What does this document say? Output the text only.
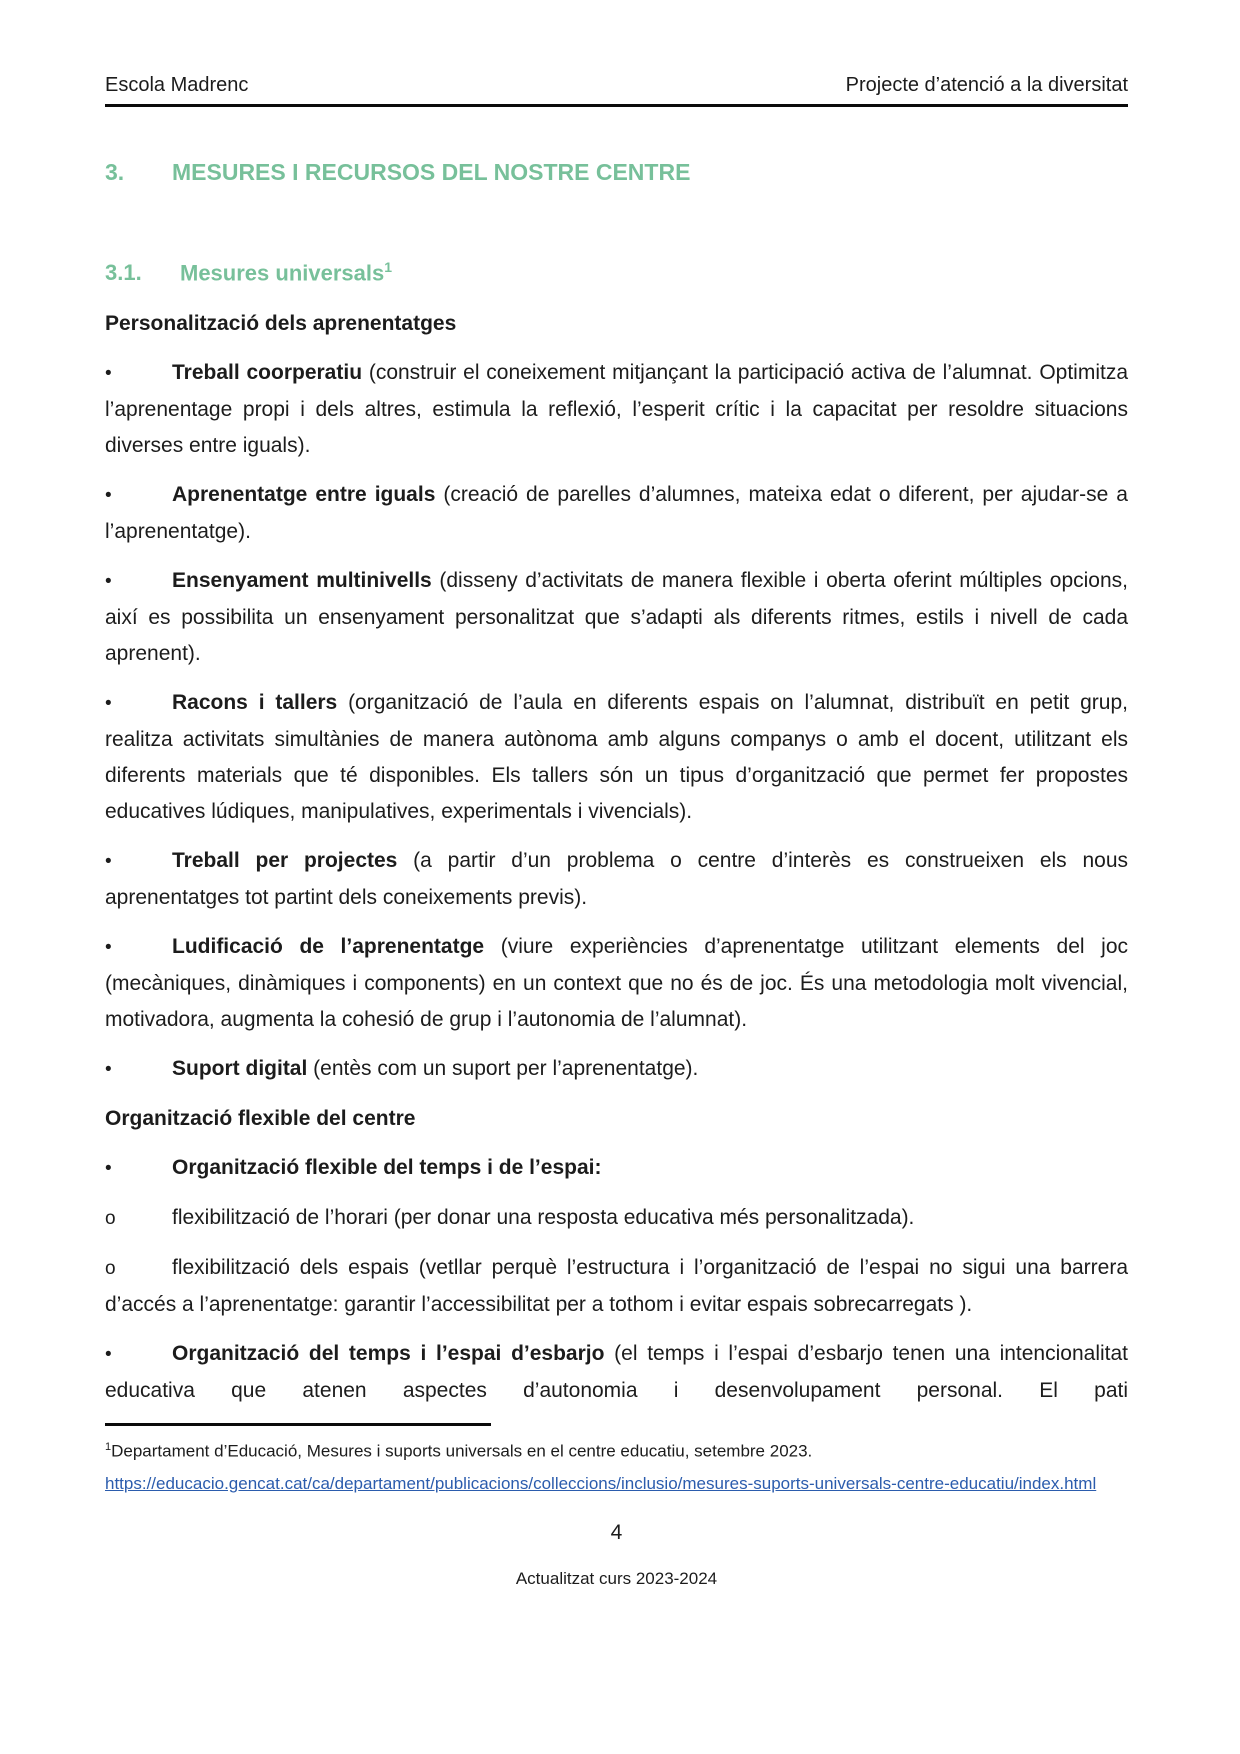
Escola Madrenc	Projecte d’atenció a la diversitat
3. MESURES I RECURSOS DEL NOSTRE CENTRE
3.1. Mesures universals$^1$

Personalització dels aprenentatges

•	Treball coorperatiu (construir el coneixement mitjançant la participació activa de l’alumnat. Optimitza l’aprenentage propi i dels altres, estimula la reflexió, l’esperit crític i la capacitat per resoldre situacions diverses entre iguals).

•	Aprenentatge entre iguals (creació de parelles d’alumnes, mateixa edat o diferent, per ajudar-se a l’aprenentatge).

•	Ensenyament multinivells (disseny d’activitats de manera flexible i oberta oferint múltiples opcions, així es possibilita un ensenyament personalitzat que s’adapti als diferents ritmes, estils i nivell de cada aprenent).

•	Racons i tallers (organització de l’aula en diferents espais on l’alumnat, distribuït en petit grup, realitza activitats simultànies de manera autònoma amb alguns companys o amb el docent, utilitzant els diferents materials que té disponibles. Els tallers són un tipus d’organització que permet fer propostes educatives lúdiques, manipulatives, experimentals i vivencials).

•	Treball per projectes (a partir d’un problema o centre d’interès es construeixen els nous aprenentatges tot partint dels coneixements previs).

•	Ludificació de l’aprenentatge (viure experiències d’aprenentatge utilitzant elements del joc (mecàniques, dinàmiques i components) en un context que no és de joc. És una metodologia molt vivencial, motivadora, augmenta la cohesió de grup i l’autonomia de l’alumnat).

•	Suport digital (entès com un suport per l’aprenentatge).

Organització flexible del centre

•	Organització flexible del temps i de l’espai:

o	flexibilització de l’horari (per donar una resposta educativa més personalitzada).

o	flexibilització dels espais (vetllar perquè l’estructura i l’organització de l’espai no sigui una barrera d’accés a l’aprenentatge: garantir l’accessibilitat per a tothom i evitar espais sobrecarregats ).

•	Organització del temps i l’espai d’esbarjo (el temps i l’espai d’esbarjo tenen una intencionalitat educativa que atenen aspectes d’autonomia i desenvolupament personal. El pati

$^1$Departament d’Educació, Mesures i suports universals en el centre educatiu, setembre 2023.
https://educacio.gencat.cat/ca/departament/publicacions/colleccions/inclusio/mesures-suports-universals-centre-educatiu/index.html
4
Actualitzat curs 2023-2024
